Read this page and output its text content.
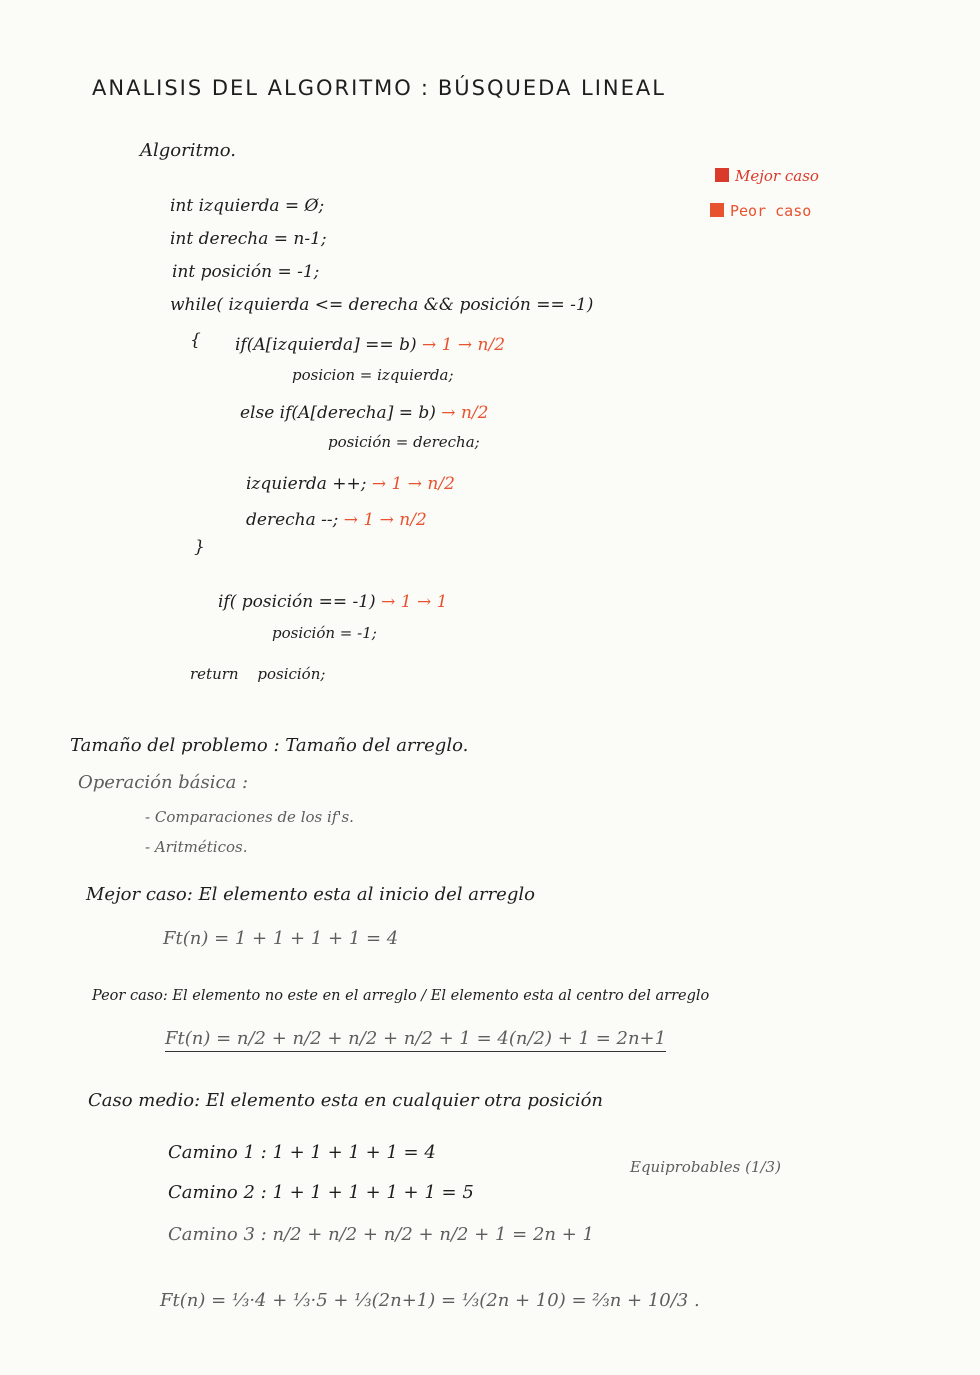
ANALISIS DEL ALGORITMO : BÚSQUEDA LINEAL
Algoritmo.
Mejor caso
Peor caso
int izquierda = Ø;
int derecha = n-1;
int posición = -1;
while( izquierda <= derecha && posición == -1)
{ if(A[izquierda] == b) → 1 → n/2
posicion = izquierda;
else if(A[derecha] = b) → n/2
posición = derecha;
izquierda ++; → 1 → n/2
derecha --; → 1 → n/2
}
if( posición == -1) → 1 → 1
posición = -1;
return posición;
Tamaño del problemo : Tamaño del arreglo.
Operación básica :
- Comparaciones de los if's.
- Aritméticos.
Mejor caso: El elemento esta al inicio del arreglo
Ft(n) = 1 + 1 + 1 + 1 = 4
Peor caso: El elemento no este en el arreglo / El elemento esta al centro del arreglo
Ft(n) = n/2 + n/2 + n/2 + n/2 + 1 = 4(n/2) + 1 = 2n+1
Caso medio: El elemento esta en cualquier otra posición
Camino 1 : 1 + 1 + 1 + 1 = 4
Equiprobables (1/3)
Camino 2 : 1 + 1 + 1 + 1 + 1 = 5
Camino 3 : n/2 + n/2 + n/2 + n/2 + 1 = 2n + 1
Ft(n) = ⅓·4 + ⅓·5 + ⅓(2n+1) = ⅓(2n + 10) = ⅔n + 10/3 .
